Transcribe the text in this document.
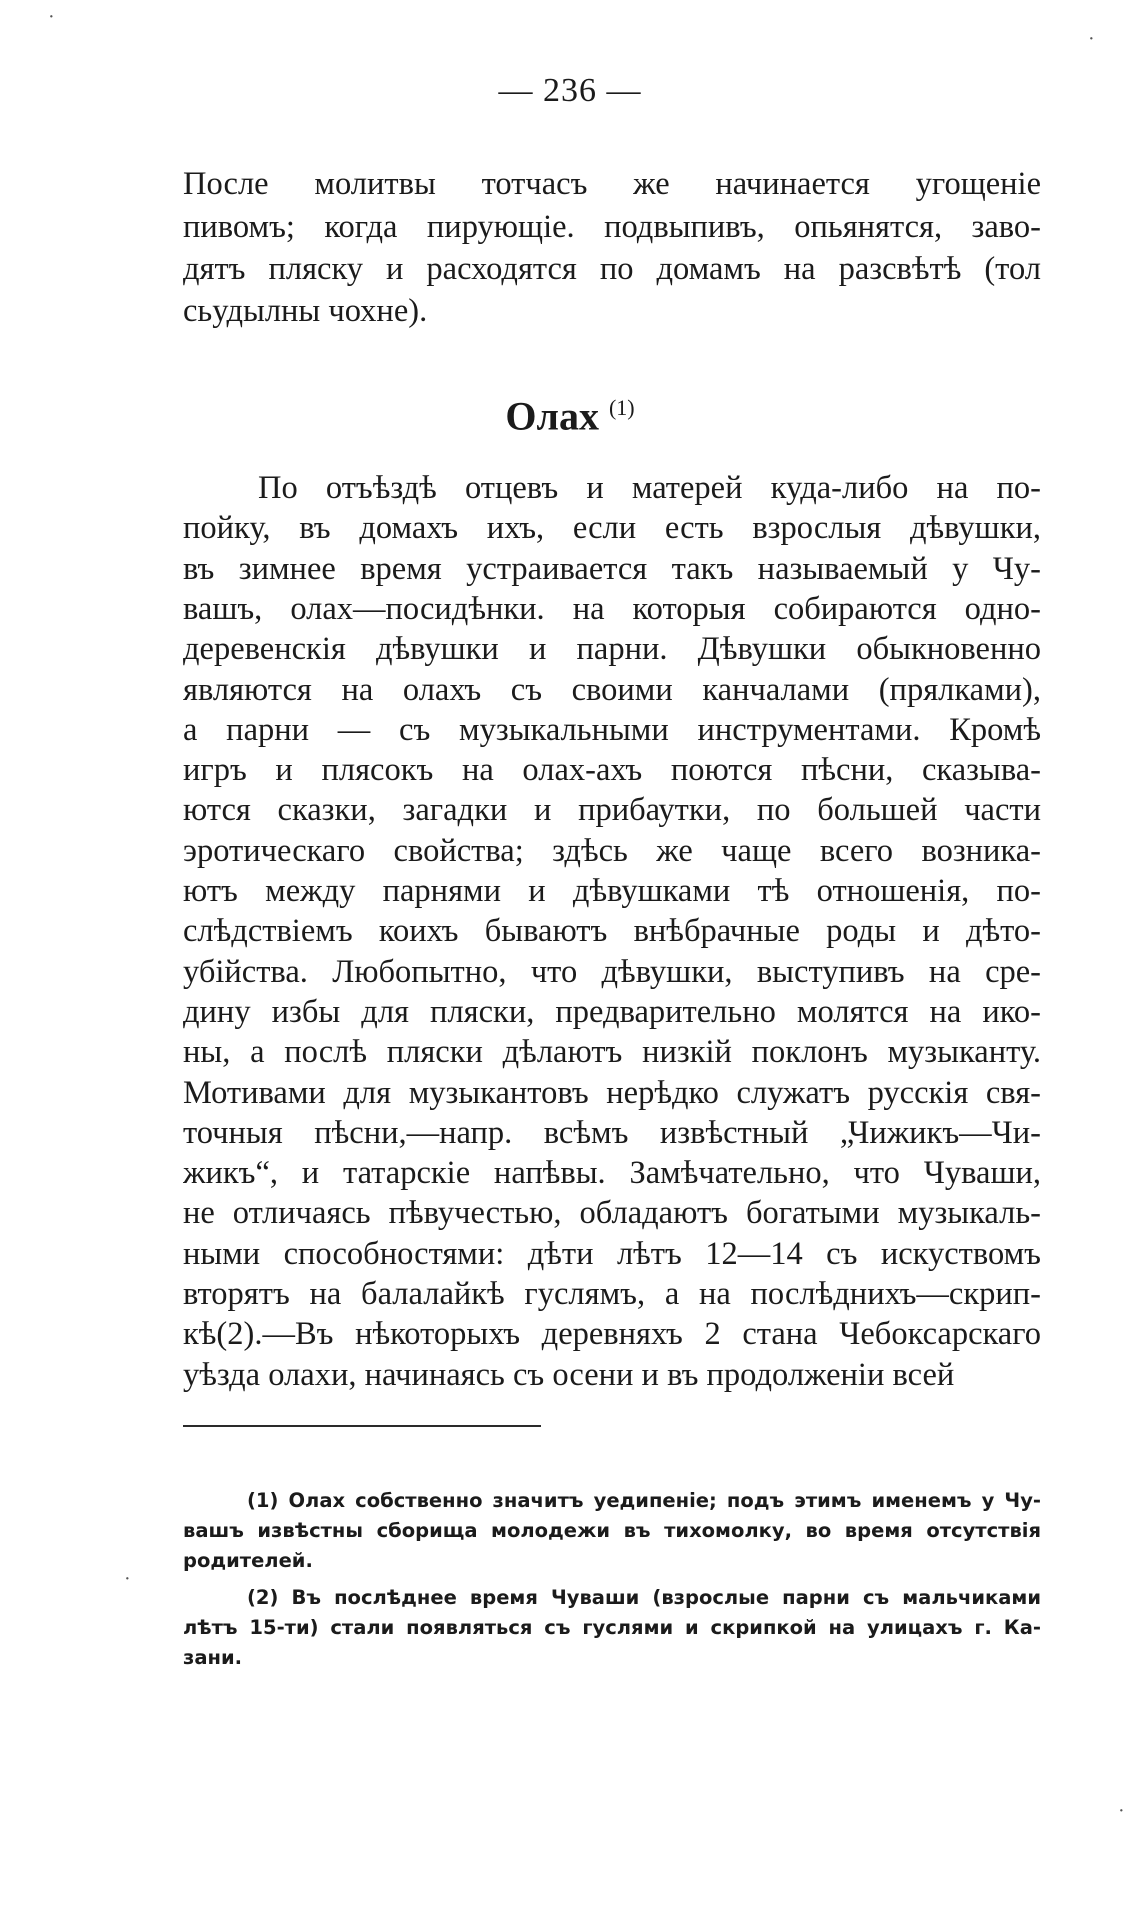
— 236 —
После молитвы тотчасъ же начинается угощеніе
пивомъ; когда пирующіе. подвыпивъ, опьянятся, заво-
дятъ пляску и расходятся по домамъ на разсвѣтѣ (тол
сьудылны чохне).
Олах $^{(1)}$
По отъѣздѣ отцевъ и матерей куда-либо на по-
пойку, въ домахъ ихъ, если есть взрослыя дѣвушки,
въ зимнее время устраивается такъ называемый у Чу-
вашъ, олах—посидѣнки. на которыя собираются одно-
деревенскія дѣвушки и парни. Дѣвушки обыкновенно
являются на олахъ съ своими канчалами (прялками),
а парни — съ музыкальными инструментами. Кромѣ
игръ и плясокъ на олах-ахъ поются пѣсни, сказыва-
ются сказки, загадки и прибаутки, по большей части
эротическаго свойства; здѣсь же чаще всего возника-
ютъ между парнями и дѣвушками тѣ отношенія, по-
слѣдствіемъ коихъ бываютъ внѣбрачные роды и дѣто-
убійства. Любопытно, что дѣвушки, выступивъ на сре-
дину избы для пляски, предварительно молятся на ико-
ны, а послѣ пляски дѣлаютъ низкій поклонъ музыканту.
Мотивами для музыкантовъ нерѣдко служатъ русскія свя-
точныя пѣсни,—напр. всѣмъ извѣстный „Чижикъ—Чи-
жикъ“, и татарскіе напѣвы. Замѣчательно, что Чуваши,
не отличаясь пѣвучестью, обладаютъ богатыми музыкаль-
ными способностями: дѣти лѣтъ 12—14 съ искуствомъ
вторятъ на балалайкѣ гуслямъ, а на послѣднихъ—скрип-
кѣ(2).—Въ нѣкоторыхъ деревняхъ 2 стана Чебоксарскаго
уѣзда олахи, начинаясь съ осени и въ продолженіи всей
(1) Олах собственно значитъ уедипеніе; подъ этимъ именемъ у Чу-
вашъ извѣстны сборища молодежи въ тихомолку, во время отсутствія
родителей.
(2) Въ послѣднее время Чуваши (взрослые парни съ мальчиками
лѣтъ 15-ти) стали появляться съ гуслями и скрипкой на улицахъ г. Ка-
зани.
·
·
·
·
